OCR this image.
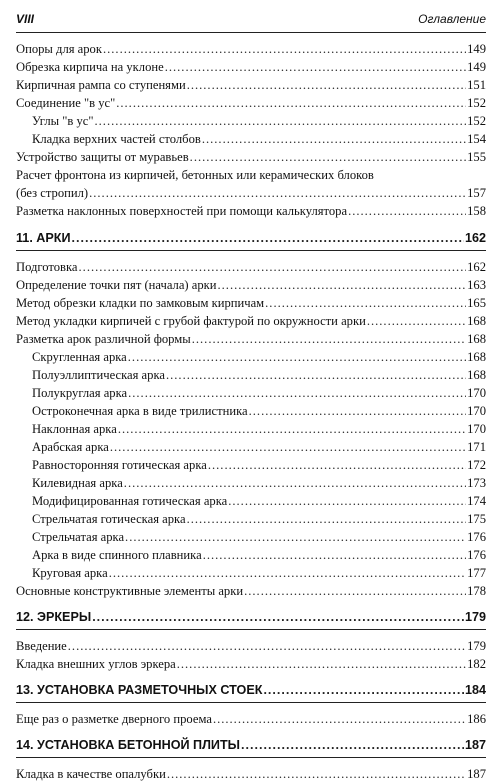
VIII	Оглавление
Опоры для арок .....	149
Обрезка кирпича на уклоне .....	149
Кирпичная рампа со ступенями .....	151
Соединение "в ус" .....	152
Углы "в ус" .....	152
Кладка верхних частей столбов .....	154
Устройство защиты от муравьев .....	155
Расчет фронтона из кирпичей, бетонных или керамических блоков
(без стропил) .....	157
Разметка наклонных поверхностей при помощи калькулятора .....	158
11. АРКИ .....	162
Подготовка .....	162
Определение точки пят (начала) арки .....	163
Метод обрезки кладки по замковым кирпичам .....	165
Метод укладки кирпичей с грубой фактурой по окружности арки .....	168
Разметка арок различной формы .....	168
Скругленная арка .....	168
Полуэллиптическая арка .....	168
Полукруглая арка .....	170
Остроконечная арка в виде трилистника .....	170
Наклонная арка .....	170
Арабская арка .....	171
Равносторонняя готическая арка .....	172
Килевидная арка .....	173
Модифицированная готическая арка .....	174
Стрельчатая готическая арка .....	175
Стрельчатая арка .....	176
Арка в виде спинного плавника .....	176
Круговая арка .....	177
Основные конструктивные элементы арки .....	178
12. ЭРКЕРЫ .....	179
Введение .....	179
Кладка внешних углов эркера .....	182
13. УСТАНОВКА РАЗМЕТОЧНЫХ СТОЕК .....	184
Еще раз о разметке дверного проема .....	186
14. УСТАНОВКА БЕТОННОЙ ПЛИТЫ .....	187
Кладка в качестве опалубки .....	187
